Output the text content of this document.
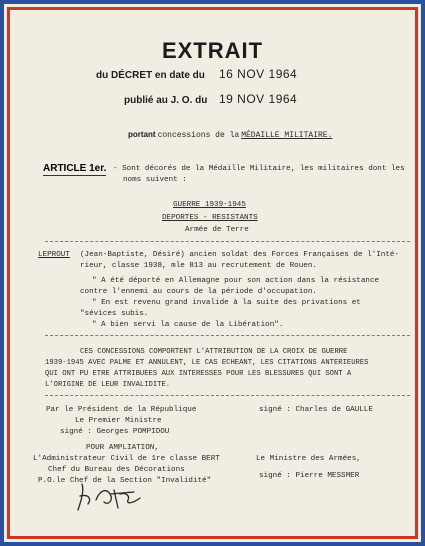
EXTRAIT
du DÉCRET en date du 16 NOV 1964
publié au J. O. du 19 NOV 1964
portant concessions de la MÉDAILLE MILITAIRE.
ARTICLE 1er. - Sont décorés de la Médaille Militaire, les militaires dont les
noms suivent :
GUERRE 1939-1945
DEPORTES - RESISTANTS
Armée de Terre
LEPROUT (Jean-Baptiste, Désiré) ancien soldat des Forces Françaises de l'Inté-
rieur, classe 1938, mle 813 au recrutement de Rouen.
" A été déporté en Allemagne pour son action dans la résistance
contre l'ennemi au cours de la période d'occupation.
" En est revenu grand invalide à la suite des privations et
"sévices subis.
" A bien servi la cause de la Libération".
CES CONCESSIONS COMPORTENT L'ATTRIBUTION DE LA CROIX DE GUERRE
1939-1945 AVEC PALME ET ANNULENT, LE CAS ECHEANT, LES CITATIONS ANTERIEURES
QUI ONT PU ETRE ATTRIBUEES AUX INTERESSES POUR LES BLESSURES QUI SONT A
L'ORIGINE DE LEUR INVALIDITE.
Par le Président de la République
Le Premier Ministre
signé : Georges POMPIDOU
signé : Charles de GAULLE
POUR AMPLIATION,
L'Administrateur Civil de 1re classe BERT
Chef du Bureau des Décorations
P.O.le Chef de la Section "Invalidité"
Le Ministre des Armées,
signé : Pierre MESSMER
